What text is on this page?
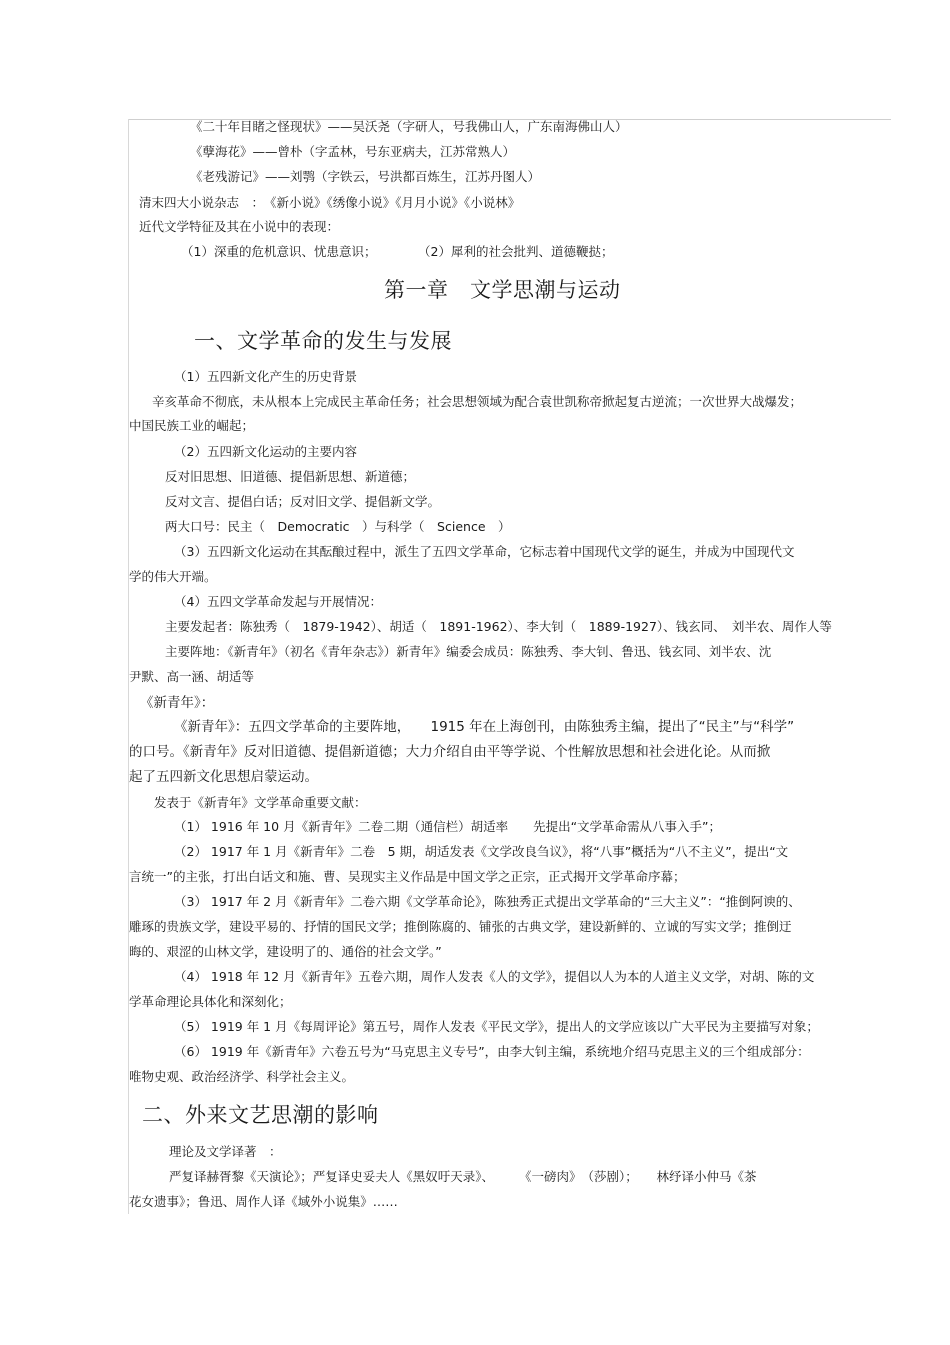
《二十年目睹之怪现状》——吴沃尧（字研人，号我佛山人，广东南海佛山人）
《孽海花》——曾朴（字孟林，号东亚病夫，江苏常熟人）
《老残游记》——刘鹗（字铁云，号洪都百炼生，江苏丹图人）
清末四大小说杂志　：　《新小说》《绣像小说》《月月小说》《小说林》
近代文学特征及其在小说中的表现：
（1）深重的危机意识、忧患意识；	（2）犀利的社会批判、道德鞭挞；
第一章　文学思潮与运动
一、文学革命的发生与发展
（1）五四新文化产生的历史背景
辛亥革命不彻底，未从根本上完成民主革命任务；社会思想领域为配合袁世凯称帝掀起复古逆流；一次世界大战爆发；
中国民族工业的崛起；
（2）五四新文化运动的主要内容
反对旧思想、旧道德、提倡新思想、新道德；
反对文言、提倡白话；反对旧文学、提倡新文学。
两大口号：民主（　Democratic　）与科学（　Science　）
（3）五四新文化运动在其酝酿过程中，派生了五四文学革命，它标志着中国现代文学的诞生，并成为中国现代文
学的伟大开端。
（4）五四文学革命发起与开展情况：
主要发起者：陈独秀（　1879-1942）、胡适（　1891-1962）、李大钊（　1889-1927）、钱玄同、　刘半农、周作人等
主要阵地：《新青年》（初名《青年杂志》）新青年》编委会成员：陈独秀、李大钊、鲁迅、钱玄同、刘半农、沈
尹默、高一涵、胡适等
《新青年》：
《新青年》：五四文学革命的主要阵地，　　1915 年在上海创刊，由陈独秀主编，提出了“民主”与“科学”
的口号。《新青年》反对旧道德、提倡新道德；大力介绍自由平等学说、个性解放思想和社会进化论。从而掀
起了五四新文化思想启蒙运动。
发表于《新青年》文学革命重要文献：
（1） 1916 年 10 月《新青年》二卷二期（通信栏）胡适率　　先提出“文学革命需从八事入手”；
（2） 1917 年 1 月《新青年》二卷　5 期，胡适发表《文学改良刍议》，将“八事”概括为“八不主义”，提出“文
言统一”的主张，打出白话文和施、曹、吴现实主义作品是中国文学之正宗，正式揭开文学革命序幕；
（3） 1917 年 2 月《新青年》二卷六期《文学革命论》，陈独秀正式提出文学革命的“三大主义”：“推倒阿谀的、
雕琢的贵族文学，建设平易的、抒情的国民文学；推倒陈腐的、铺张的古典文学，建设新鲜的、立诚的写实文学；推倒迂
晦的、艰涩的山林文学，建设明了的、通俗的社会文学。”
（4） 1918 年 12 月《新青年》五卷六期，周作人发表《人的文学》，提倡以人为本的人道主义文学，对胡、陈的文
学革命理论具体化和深刻化；
（5） 1919 年 1 月《每周评论》第五号，周作人发表《平民文学》，提出人的文学应该以广大平民为主要描写对象；
（6） 1919 年《新青年》六卷五号为“马克思主义专号”，由李大钊主编，系统地介绍马克思主义的三个组成部分：
唯物史观、政治经济学、科学社会主义。
二、外来文艺思潮的影响
理论及文学译著　：
严复译赫胥黎《天演论》；严复译史妥夫人《黑奴吁天录》、　　　《一磅肉》　（莎剧）；　　林纾译小仲马《茶
花女遗事》；鲁迅、周作人译《域外小说集》……
